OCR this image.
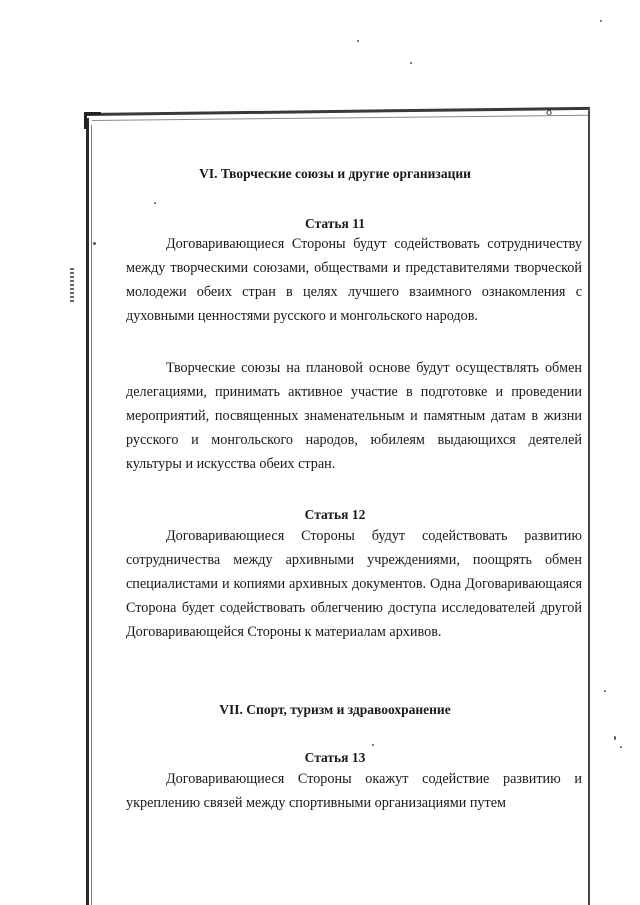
8
VI. Творческие союзы и другие организации
Статья 11

Договаривающиеся Стороны будут содействовать сотрудничеству между творческими союзами, обществами и представителями творческой молодежи обеих стран в целях лучшего взаимного ознакомления с духовными ценностями русского и монгольского народов.

Творческие союзы на плановой основе будут осуществлять обмен делегациями, принимать активное участие в подготовке и проведении мероприятий, посвященных знаменательным и памятным датам в жизни русского и монгольского народов, юбилеям выдающихся деятелей культуры и искусства обеих стран.

Статья 12

Договаривающиеся Стороны будут содействовать развитию сотрудничества между архивными учреждениями, поощрять обмен специалистами и копиями архивных документов. Одна Договаривающаяся Сторона будет содействовать облегчению доступа исследователей другой Договаривающейся Стороны к материалам архивов.

VII. Спорт, туризм и здравоохранение
Статья 13

Договаривающиеся Стороны окажут содействие развитию и укреплению связей между спортивными организациями путем
